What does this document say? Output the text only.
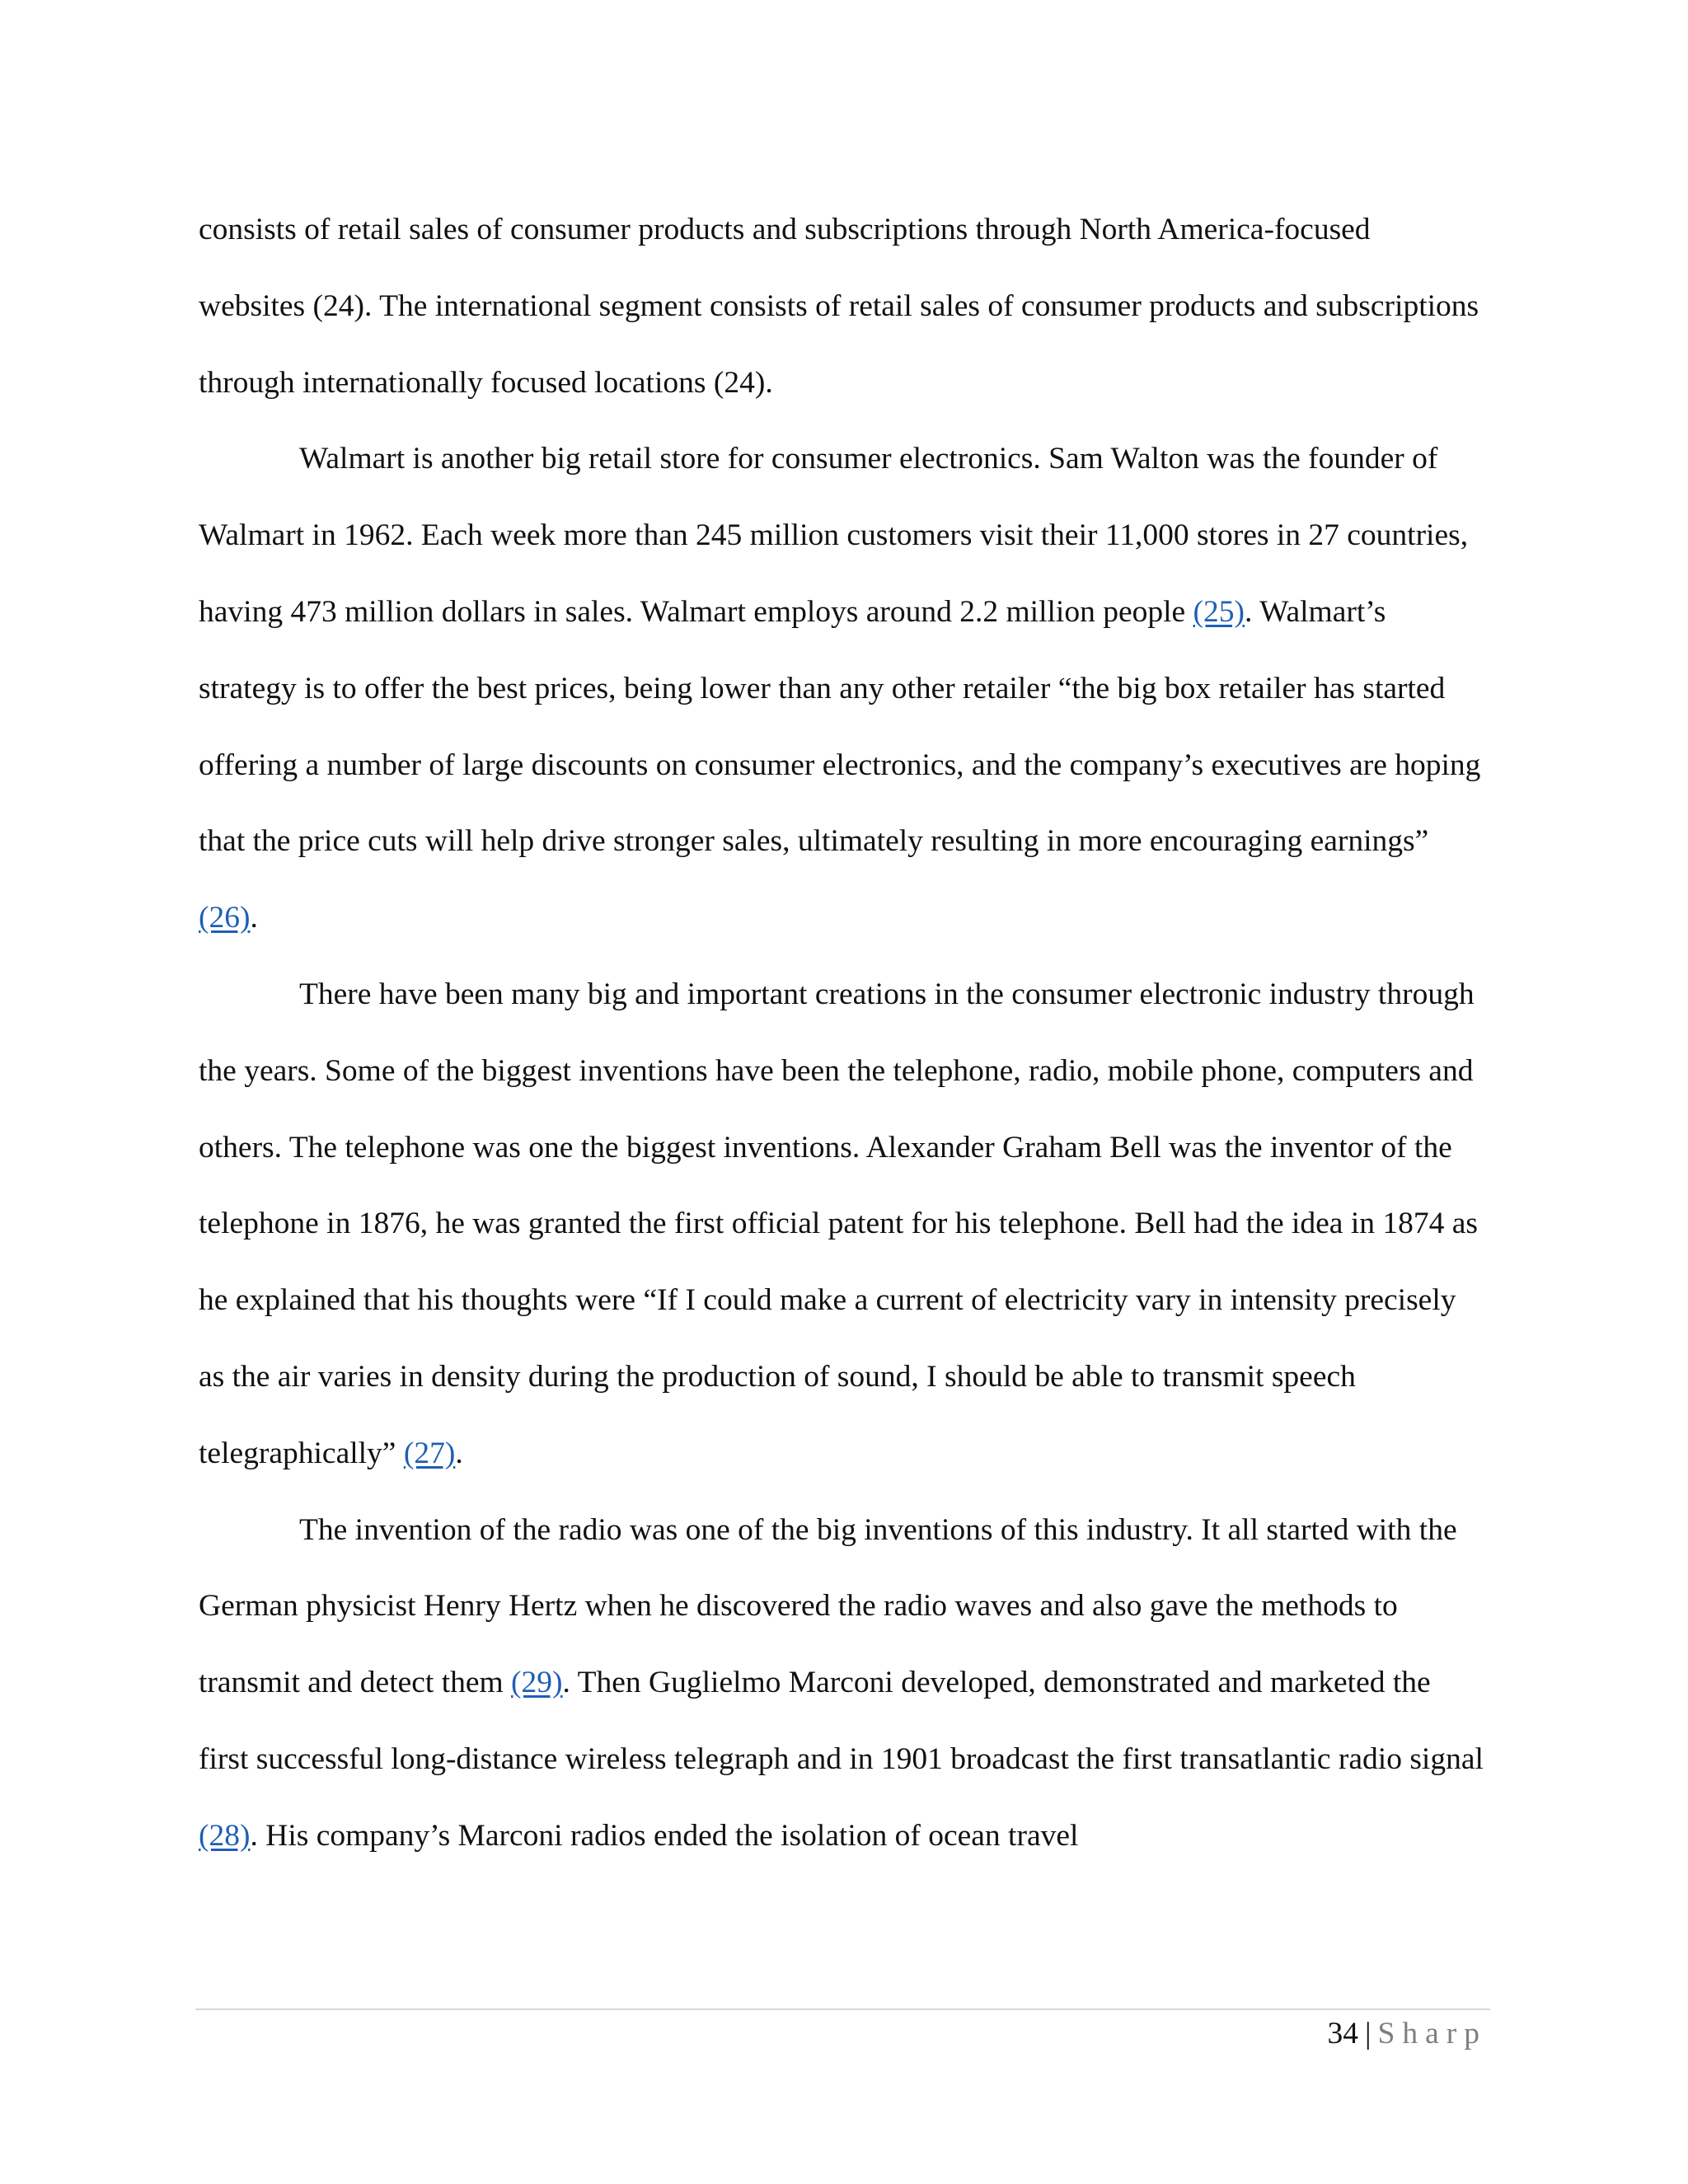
consists of retail sales of consumer products and subscriptions through North America-focused websites (24). The international segment consists of retail sales of consumer products and subscriptions through internationally focused locations (24).

Walmart is another big retail store for consumer electronics. Sam Walton was the founder of Walmart in 1962. Each week more than 245 million customers visit their 11,000 stores in 27 countries, having 473 million dollars in sales. Walmart employs around 2.2 million people (25). Walmart’s strategy is to offer the best prices, being lower than any other retailer “the big box retailer has started offering a number of large discounts on consumer electronics, and the company’s executives are hoping that the price cuts will help drive stronger sales, ultimately resulting in more encouraging earnings” (26).

There have been many big and important creations in the consumer electronic industry through the years. Some of the biggest inventions have been the telephone, radio, mobile phone, computers and others. The telephone was one the biggest inventions. Alexander Graham Bell was the inventor of the telephone in 1876, he was granted the first official patent for his telephone. Bell had the idea in 1874 as he explained that his thoughts were “If I could make a current of electricity vary in intensity precisely as the air varies in density during the production of sound, I should be able to transmit speech telegraphically” (27).

The invention of the radio was one of the big inventions of this industry. It all started with the German physicist Henry Hertz when he discovered the radio waves and also gave the methods to transmit and detect them (29). Then Guglielmo Marconi developed, demonstrated and marketed the first successful long-distance wireless telegraph and in 1901 broadcast the first transatlantic radio signal (28). His company’s Marconi radios ended the isolation of ocean travel

34 | Sharp
